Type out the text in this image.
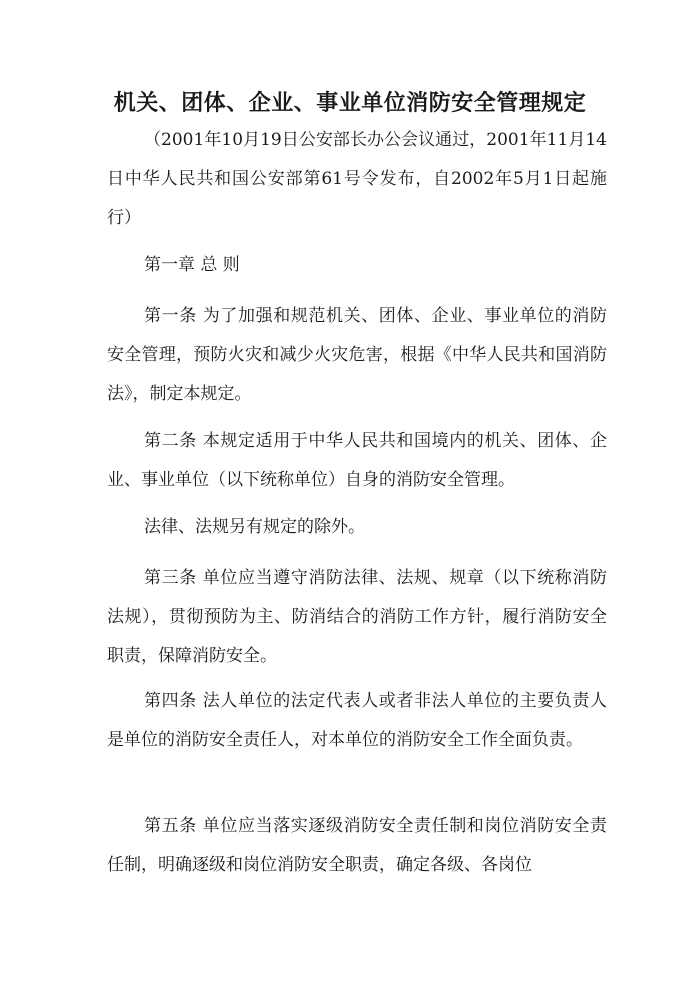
机关、团体、企业、事业单位消防安全管理规定

（2001年10月19日公安部长办公会议通过，2001年11月14日中华人民共和国公安部第61号令发布，自2002年5月1日起施行）

第一章 总 则

第一条 为了加强和规范机关、团体、企业、事业单位的消防安全管理，预防火灾和减少火灾危害，根据《中华人民共和国消防法》，制定本规定。

第二条 本规定适用于中华人民共和国境内的机关、团体、企业、事业单位（以下统称单位）自身的消防安全管理。

法律、法规另有规定的除外。

第三条 单位应当遵守消防法律、法规、规章（以下统称消防法规），贯彻预防为主、防消结合的消防工作方针，履行消防安全职责，保障消防安全。

第四条 法人单位的法定代表人或者非法人单位的主要负责人是单位的消防安全责任人，对本单位的消防安全工作全面负责。

第五条 单位应当落实逐级消防安全责任制和岗位消防安全责任制，明确逐级和岗位消防安全职责，确定各级、各岗位
